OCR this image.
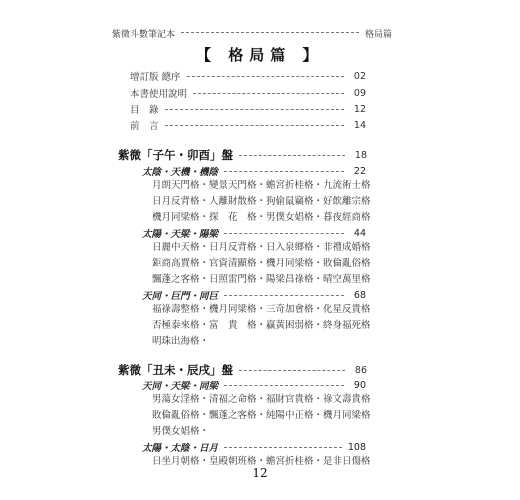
紫微斗數筆記本	格局篇
【 格局篇 】
增訂版 總序	02
本書使用說明	09
目　錄	12
前　言	14
紫微「子午・卯酉」盤	18
太陰・天機・機陰	22
月朗天門格・變景天門格・蟾宮折桂格・九流術士格
日月反背格・人離財散格・狗偷鼠竊格・好飲離宗格
機月同梁格・探　花　格・男僕女娼格・暮夜經商格
太陽・天梁・陽梁	44
日麗中天格・日月反背格・日入泉鄉格・非禮成婚格
鉅商高賈格・官資清顯格・機月同梁格・敗倫亂俗格
飄蓬之客格・日照雷門格・陽梁昌祿格・晴空萬里格
天同・巨門・同巨	68
福祿壽整格・機月同梁格・三奇加會格・化星反貴格
否極泰來格・富　貴　格・贏黃困弱格・終身福死格
明珠出海格・
紫微「丑未・辰戌」盤	86
天同・天梁・同梁	90
男蕩女淫格・清福之命格・福財官貴格・祿文壽貴格
敗倫亂俗格・飄蓬之客格・純陽中正格・機月同梁格
男僕女娼格・
太陽・太陰・日月	108
日坐月朝格・皇殿朝班格・蟾宮折桂格・是非日傷格
12
